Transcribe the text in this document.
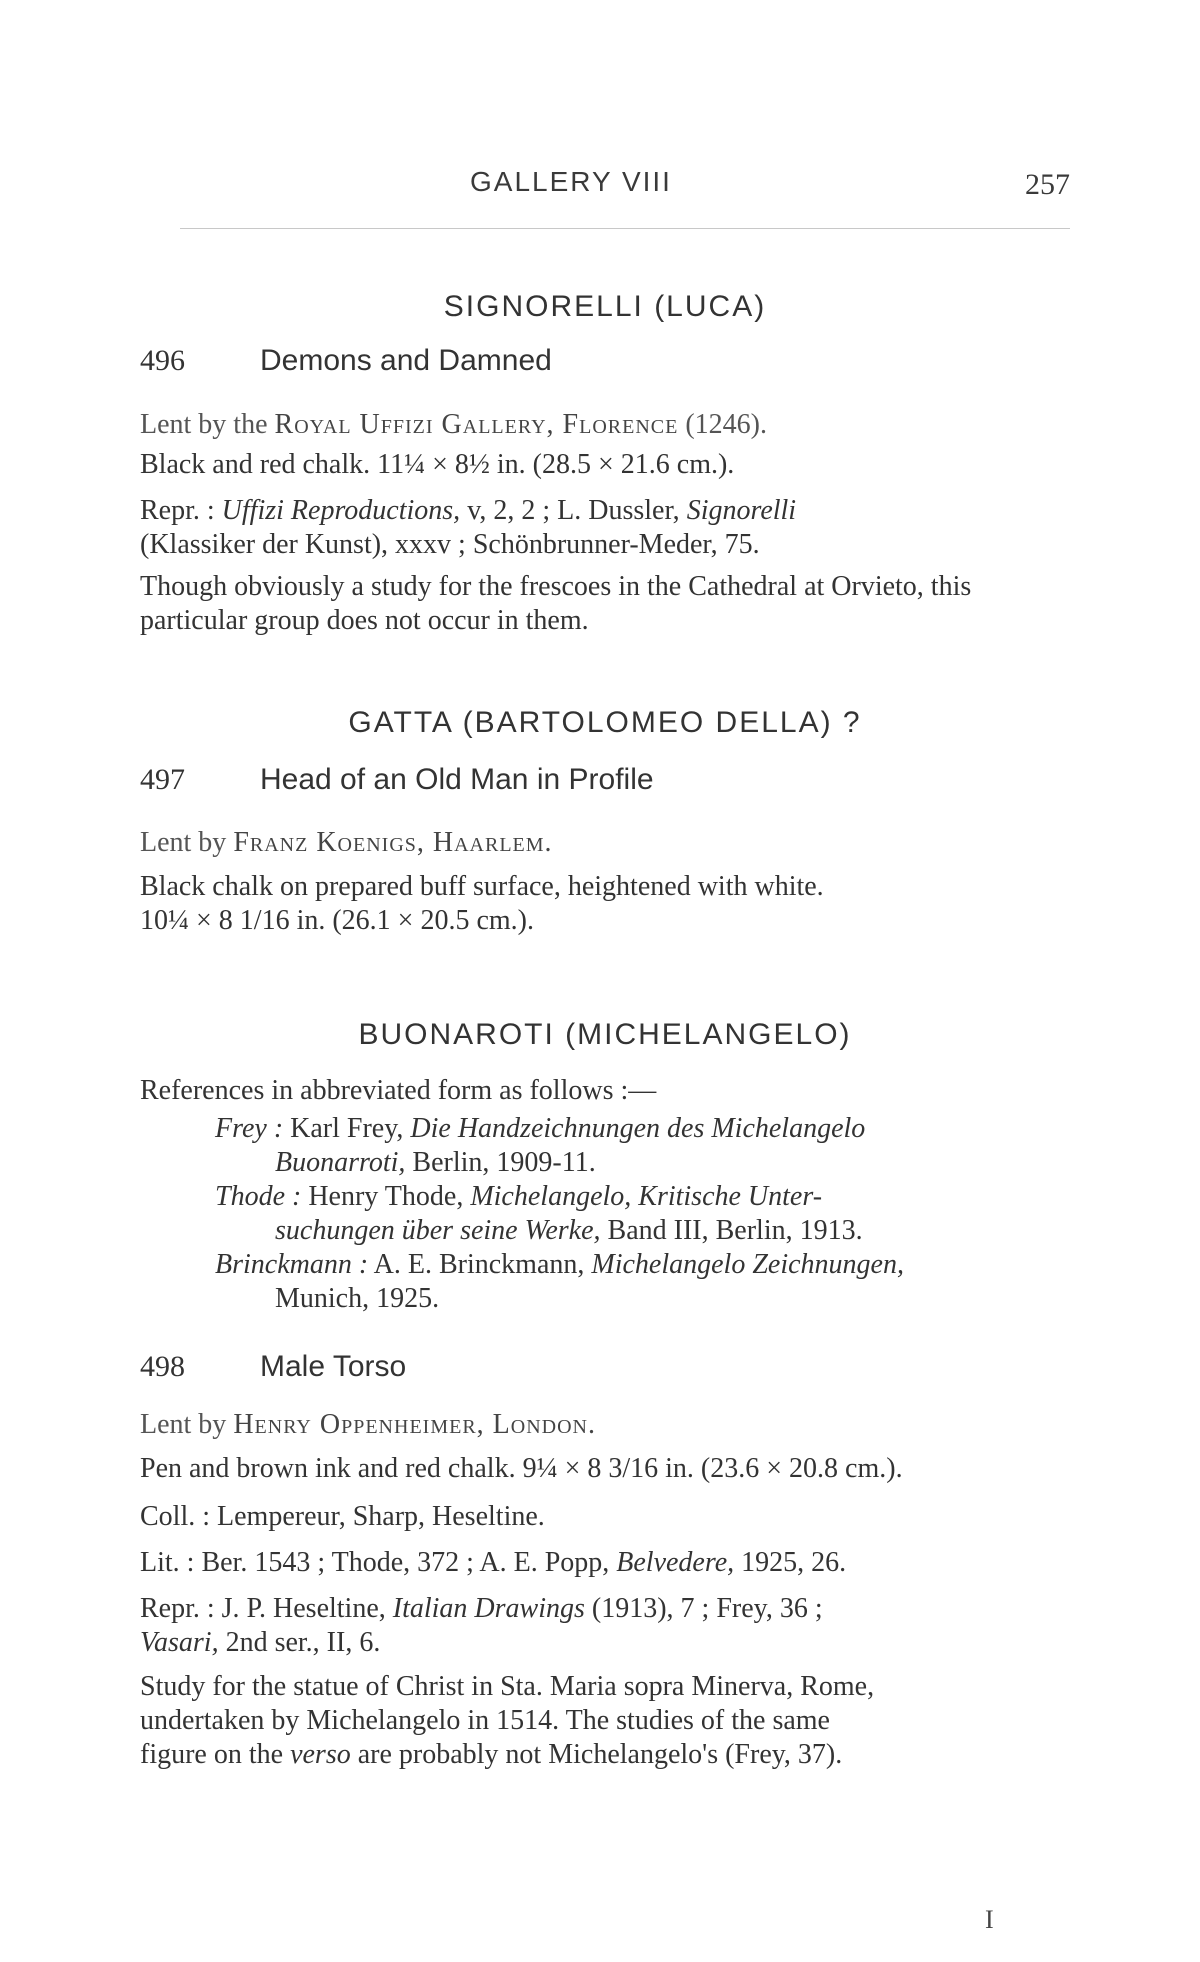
GALLERY VIII	257
SIGNORELLI (LUCA)
496	Demons and Damned
Lent by the Royal Uffizi Gallery, Florence (1246).
Black and red chalk. 11¼ × 8½ in. (28.5 × 21.6 cm.).
Repr. : Uffizi Reproductions, v, 2, 2 ; L. Dussler, Signorelli
(Klassiker der Kunst), xxxv ; Schönbrunner-Meder, 75.
Though obviously a study for the frescoes in the Cathedral at Orvieto, this particular group does not occur in them.
GATTA (BARTOLOMEO DELLA) ?
497	Head of an Old Man in Profile
Lent by Franz Koenigs, Haarlem.
Black chalk on prepared buff surface, heightened with white.
10¼ × 8 1/16 in. (26.1 × 20.5 cm.).
BUONAROTI (MICHELANGELO)
References in abbreviated form as follows :—
Frey : Karl Frey, Die Handzeichnungen des Michelangelo
Buonarroti, Berlin, 1909-11.
Thode : Henry Thode, Michelangelo, Kritische Unter-
suchungen über seine Werke, Band III, Berlin, 1913.
Brinckmann : A. E. Brinckmann, Michelangelo Zeichnungen,
Munich, 1925.
498	Male Torso
Lent by Henry Oppenheimer, London.
Pen and brown ink and red chalk. 9¼ × 8 3/16 in. (23.6 × 20.8 cm.).
Coll. : Lempereur, Sharp, Heseltine.
Lit. : Ber. 1543 ; Thode, 372 ; A. E. Popp, Belvedere, 1925, 26.
Repr. : J. P. Heseltine, Italian Drawings (1913), 7 ; Frey, 36 ;
Vasari, 2nd ser., II, 6.
Study for the statue of Christ in Sta. Maria sopra Minerva, Rome,
undertaken by Michelangelo in 1514. The studies of the same
figure on the verso are probably not Michelangelo's (Frey, 37).
I
